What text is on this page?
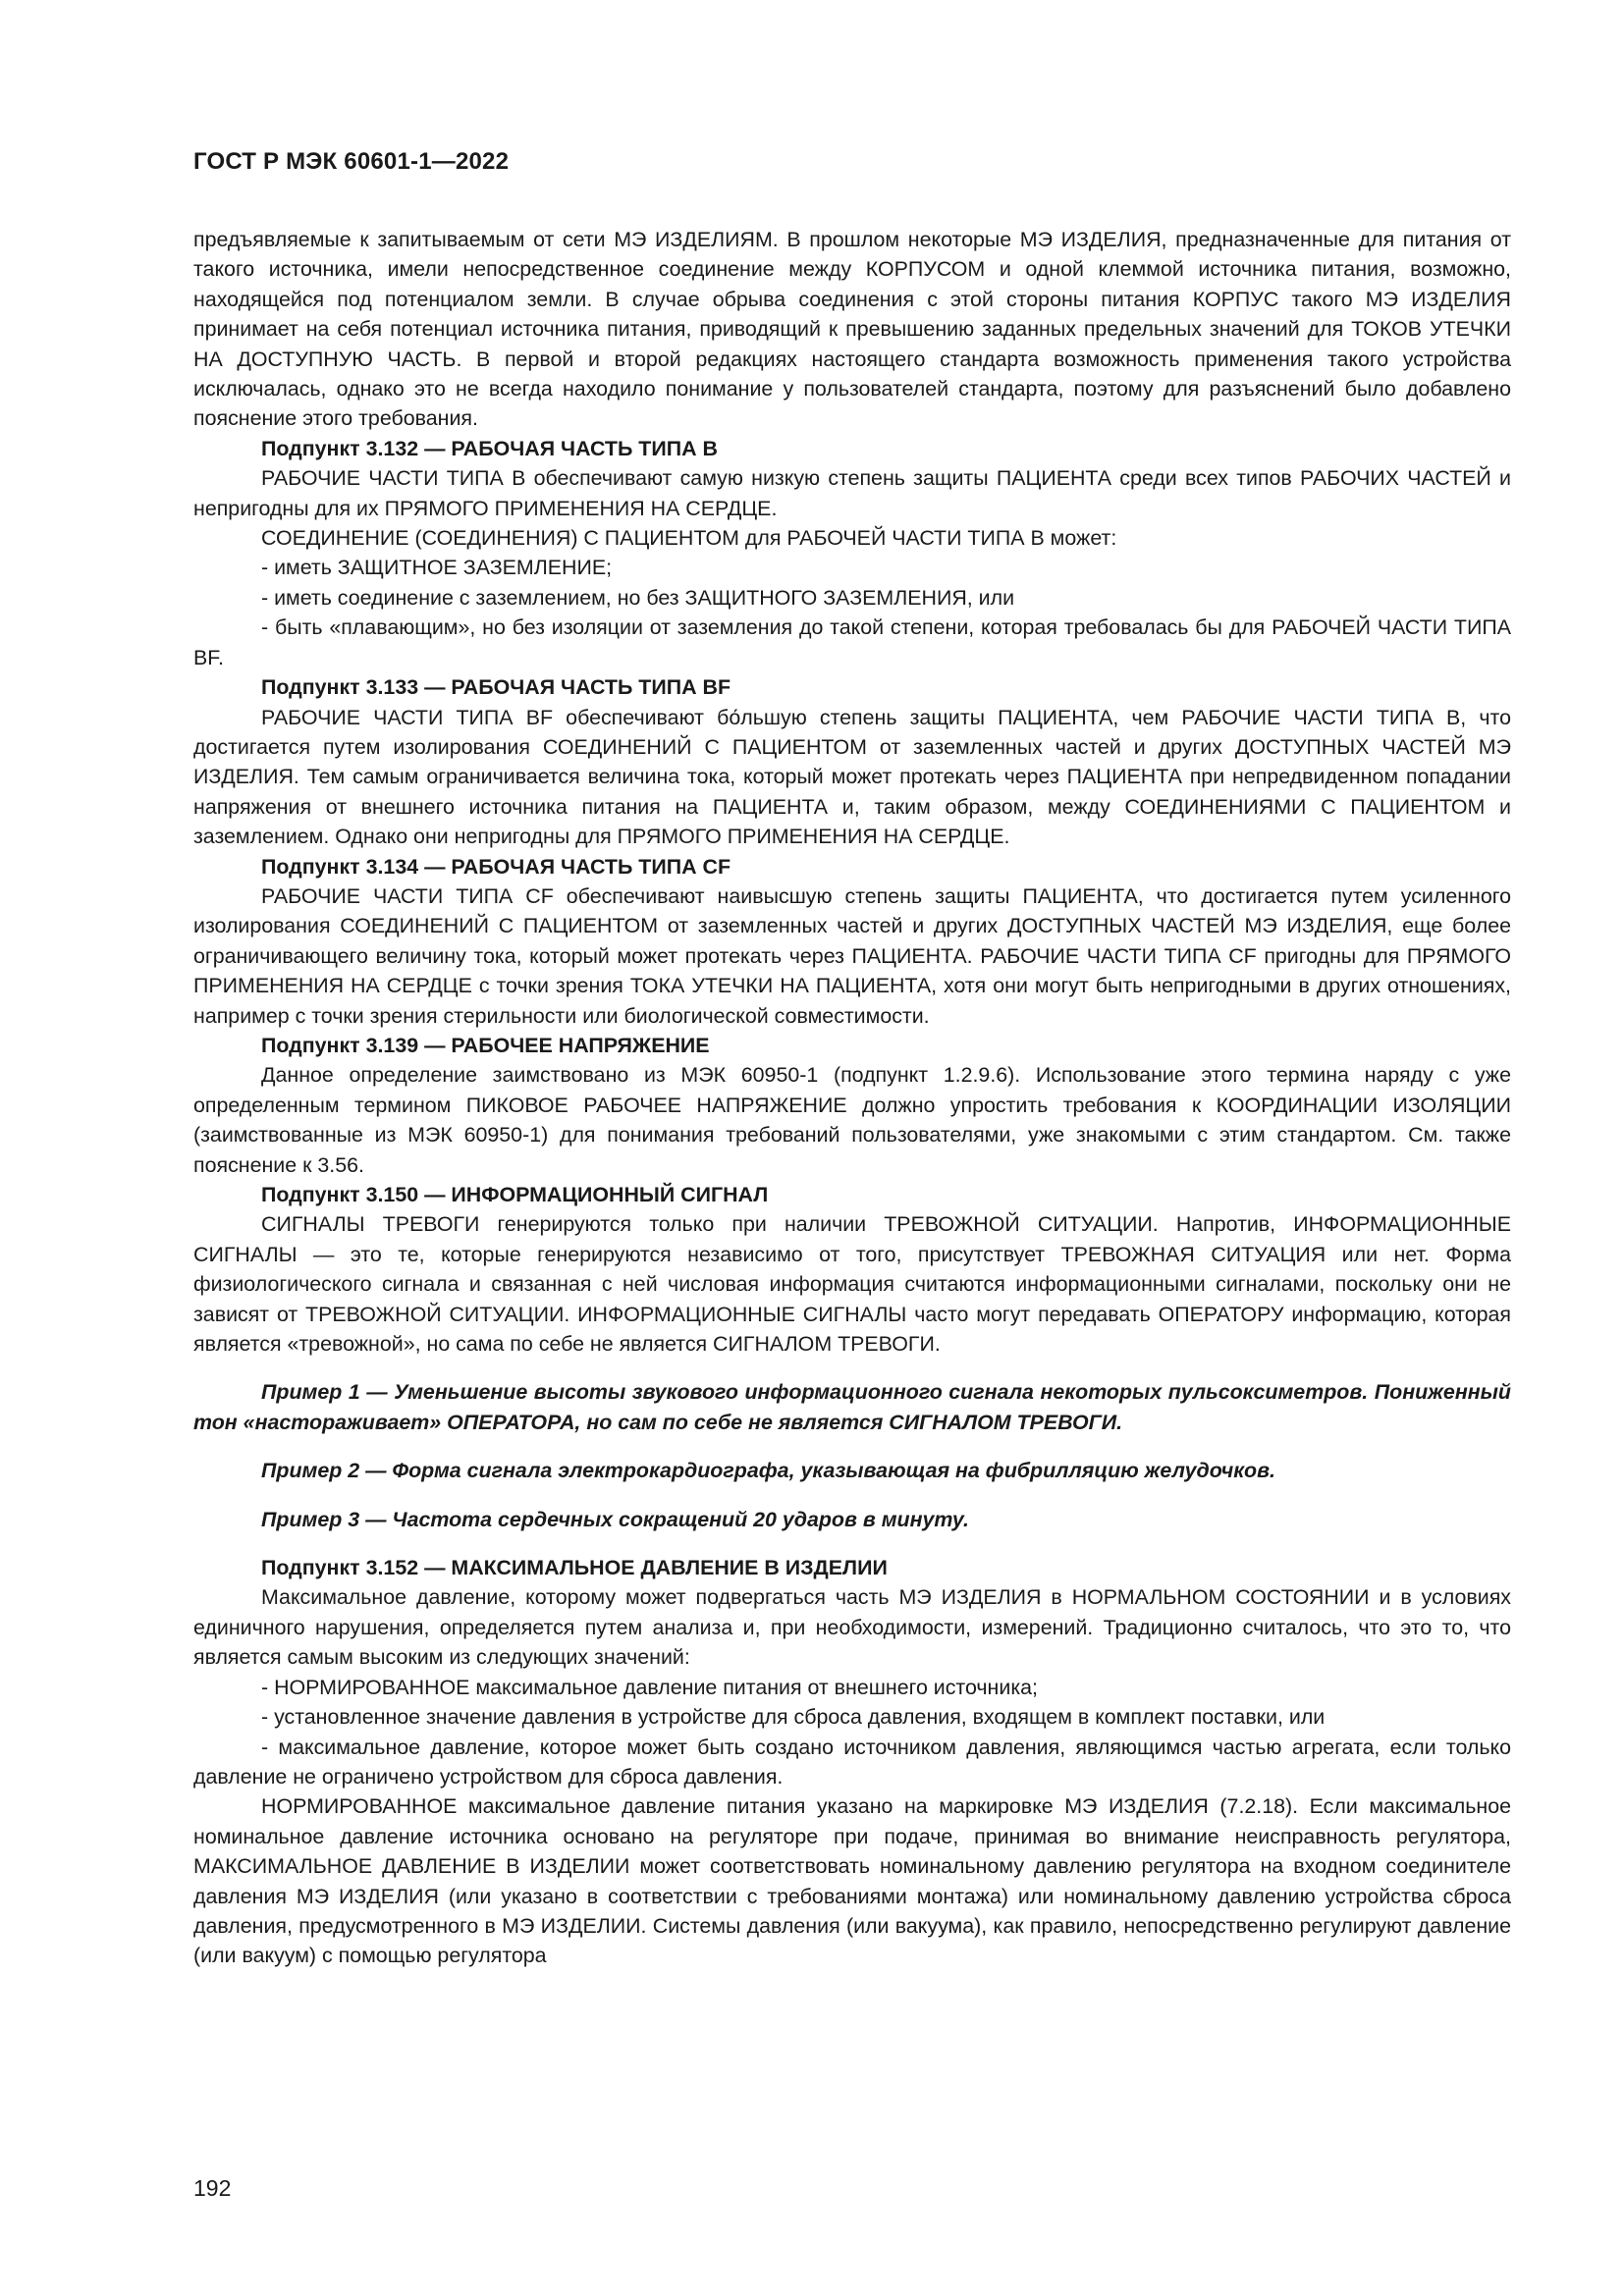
ГОСТ Р МЭК 60601-1—2022

предъявляемые к запитываемым от сети МЭ ИЗДЕЛИЯМ. В прошлом некоторые МЭ ИЗДЕЛИЯ, предназначенные для питания от такого источника, имели непосредственное соединение между КОРПУСОМ и одной клеммой источника питания, возможно, находящейся под потенциалом земли. В случае обрыва соединения с этой стороны питания КОРПУС такого МЭ ИЗДЕЛИЯ принимает на себя потенциал источника питания, приводящий к превышению заданных предельных значений для ТОКОВ УТЕЧКИ НА ДОСТУПНУЮ ЧАСТЬ. В первой и второй редакциях настоящего стандарта возможность применения такого устройства исключалась, однако это не всегда находило понимание у пользователей стандарта, поэтому для разъяснений было добавлено пояснение этого требования.

Подпункт 3.132 — РАБОЧАЯ ЧАСТЬ ТИПА B

РАБОЧИЕ ЧАСТИ ТИПА B обеспечивают самую низкую степень защиты ПАЦИЕНТА среди всех типов РАБОЧИХ ЧАСТЕЙ и непригодны для их ПРЯМОГО ПРИМЕНЕНИЯ НА СЕРДЦЕ.

СОЕДИНЕНИЕ (СОЕДИНЕНИЯ) С ПАЦИЕНТОМ для РАБОЧЕЙ ЧАСТИ ТИПА B может:

- иметь ЗАЩИТНОЕ ЗАЗЕМЛЕНИЕ;

- иметь соединение с заземлением, но без ЗАЩИТНОГО ЗАЗЕМЛЕНИЯ, или

- быть «плавающим», но без изоляции от заземления до такой степени, которая требовалась бы для РАБОЧЕЙ ЧАСТИ ТИПА BF.

Подпункт 3.133 — РАБОЧАЯ ЧАСТЬ ТИПА BF

РАБОЧИЕ ЧАСТИ ТИПА BF обеспечивают бо́льшую степень защиты ПАЦИЕНТА, чем РАБОЧИЕ ЧАСТИ ТИПА B, что достигается путем изолирования СОЕДИНЕНИЙ С ПАЦИЕНТОМ от заземленных частей и других ДОСТУПНЫХ ЧАСТЕЙ МЭ ИЗДЕЛИЯ. Тем самым ограничивается величина тока, который может протекать через ПАЦИЕНТА при непредвиденном попадании напряжения от внешнего источника питания на ПАЦИЕНТА и, таким образом, между СОЕДИНЕНИЯМИ С ПАЦИЕНТОМ и заземлением. Однако они непригодны для ПРЯМОГО ПРИМЕНЕНИЯ НА СЕРДЦЕ.

Подпункт 3.134 — РАБОЧАЯ ЧАСТЬ ТИПА CF

РАБОЧИЕ ЧАСТИ ТИПА CF обеспечивают наивысшую степень защиты ПАЦИЕНТА, что достигается путем усиленного изолирования СОЕДИНЕНИЙ С ПАЦИЕНТОМ от заземленных частей и других ДОСТУПНЫХ ЧАСТЕЙ МЭ ИЗДЕЛИЯ, еще более ограничивающего величину тока, который может протекать через ПАЦИЕНТА. РАБОЧИЕ ЧАСТИ ТИПА CF пригодны для ПРЯМОГО ПРИМЕНЕНИЯ НА СЕРДЦЕ с точки зрения ТОКА УТЕЧКИ НА ПАЦИЕНТА, хотя они могут быть непригодными в других отношениях, например с точки зрения стерильности или биологической совместимости.

Подпункт 3.139 — РАБОЧЕЕ НАПРЯЖЕНИЕ

Данное определение заимствовано из МЭК 60950-1 (подпункт 1.2.9.6). Использование этого термина наряду с уже определенным термином ПИКОВОЕ РАБОЧЕЕ НАПРЯЖЕНИЕ должно упростить требования к КООРДИНАЦИИ ИЗОЛЯЦИИ (заимствованные из МЭК 60950-1) для понимания требований пользователями, уже знакомыми с этим стандартом. См. также пояснение к 3.56.

Подпункт 3.150 — ИНФОРМАЦИОННЫЙ СИГНАЛ

СИГНАЛЫ ТРЕВОГИ генерируются только при наличии ТРЕВОЖНОЙ СИТУАЦИИ. Напротив, ИНФОРМАЦИОННЫЕ СИГНАЛЫ — это те, которые генерируются независимо от того, присутствует ТРЕВОЖНАЯ СИТУАЦИЯ или нет. Форма физиологического сигнала и связанная с ней числовая информация считаются информационными сигналами, поскольку они не зависят от ТРЕВОЖНОЙ СИТУАЦИИ. ИНФОРМАЦИОННЫЕ СИГНАЛЫ часто могут передавать ОПЕРАТОРУ информацию, которая является «тревожной», но сама по себе не является СИГНАЛОМ ТРЕВОГИ.

Пример 1 — Уменьшение высоты звукового информационного сигнала некоторых пульсоксиметров. Пониженный тон «настораживает» ОПЕРАТОРА, но сам по себе не является СИГНАЛОМ ТРЕВОГИ.

Пример 2 — Форма сигнала электрокардиографа, указывающая на фибрилляцию желудочков.

Пример 3 — Частота сердечных сокращений 20 ударов в минуту.

Подпункт 3.152 — МАКСИМАЛЬНОЕ ДАВЛЕНИЕ В ИЗДЕЛИИ

Максимальное давление, которому может подвергаться часть МЭ ИЗДЕЛИЯ в НОРМАЛЬНОМ СОСТОЯНИИ и в условиях единичного нарушения, определяется путем анализа и, при необходимости, измерений. Традиционно считалось, что это то, что является самым высоким из следующих значений:

- НОРМИРОВАННОЕ максимальное давление питания от внешнего источника;

- установленное значение давления в устройстве для сброса давления, входящем в комплект поставки, или

- максимальное давление, которое может быть создано источником давления, являющимся частью агрегата, если только давление не ограничено устройством для сброса давления.

НОРМИРОВАННОЕ максимальное давление питания указано на маркировке МЭ ИЗДЕЛИЯ (7.2.18). Если максимальное номинальное давление источника основано на регуляторе при подаче, принимая во внимание неисправность регулятора, МАКСИМАЛЬНОЕ ДАВЛЕНИЕ В ИЗДЕЛИИ может соответствовать номинальному давлению регулятора на входном соединителе давления МЭ ИЗДЕЛИЯ (или указано в соответствии с требованиями монтажа) или номинальному давлению устройства сброса давления, предусмотренного в МЭ ИЗДЕЛИИ. Системы давления (или вакуума), как правило, непосредственно регулируют давление (или вакуум) с помощью регулятора

192
